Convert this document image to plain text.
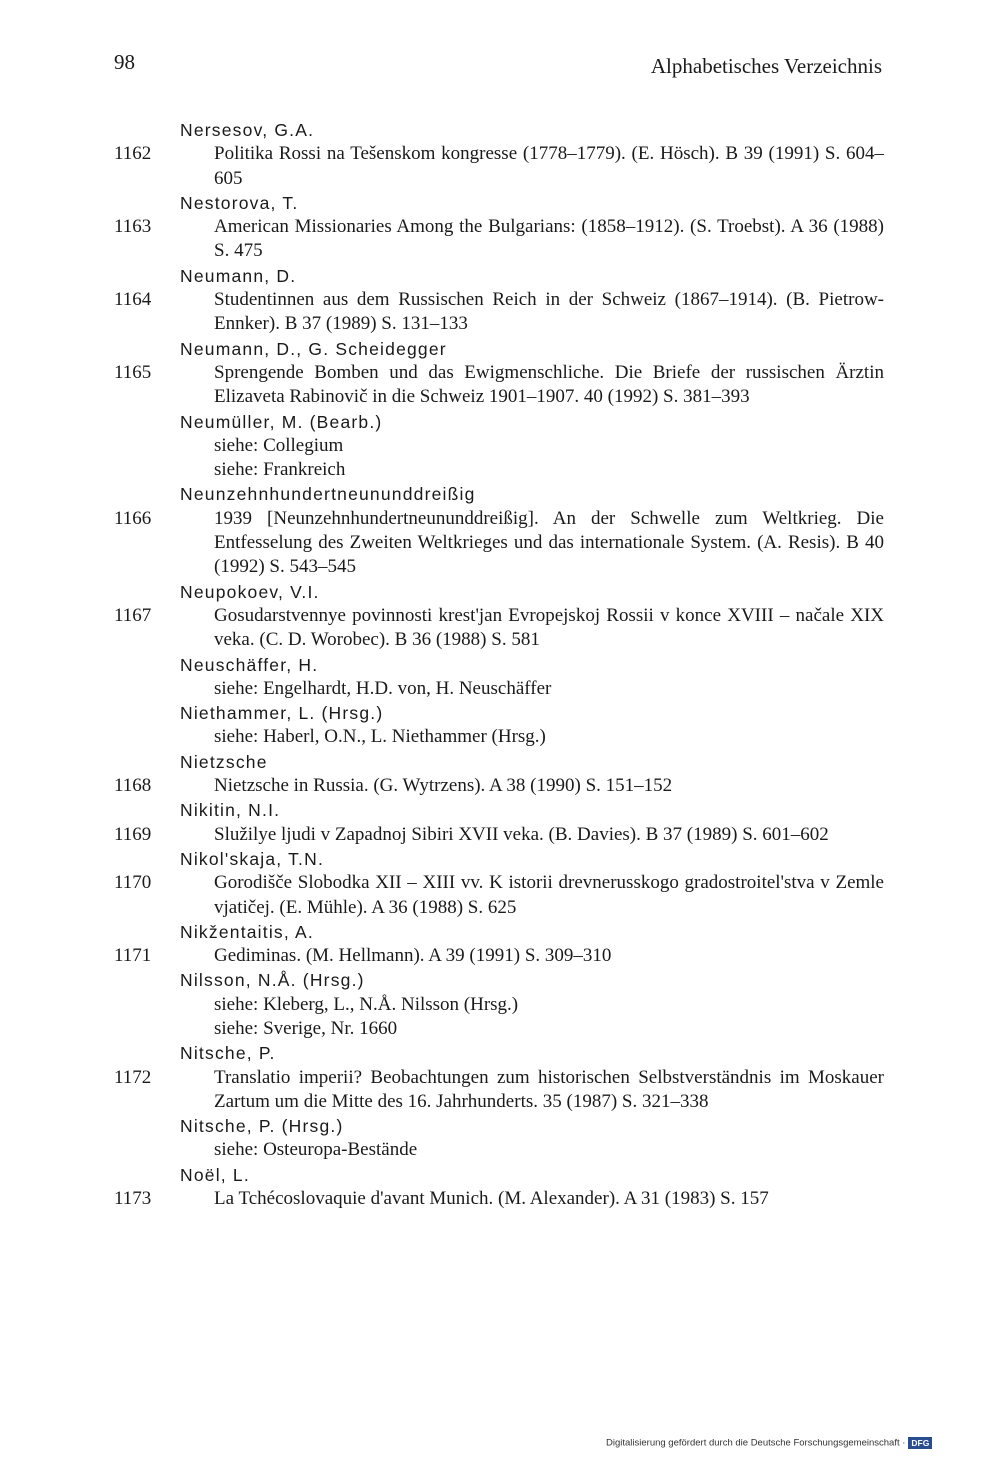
98	Alphabetisches Verzeichnis
Nersesov, G.A.
1162	Politika Rossi na Tešenskom kongresse (1778–1779). (E. Hösch). B 39 (1991) S. 604–605
Nestorova, T.
1163	American Missionaries Among the Bulgarians: (1858–1912). (S. Troebst). A 36 (1988) S. 475
Neumann, D.
1164	Studentinnen aus dem Russischen Reich in der Schweiz (1867–1914). (B. Pietrow-Ennker). B 37 (1989) S. 131–133
Neumann, D., G. Scheidegger
1165	Sprengende Bomben und das Ewigmenschliche. Die Briefe der russischen Ärztin Elizaveta Rabinovič in die Schweiz 1901–1907. 40 (1992) S. 381–393
Neumüller, M. (Bearb.)
siehe: Collegium
siehe: Frankreich
Neunzehnhundertneununddreißig
1166	1939 [Neunzehnhundertneununddreißig]. An der Schwelle zum Weltkrieg. Die Entfesselung des Zweiten Weltkrieges und das internationale System. (A. Resis). B 40 (1992) S. 543–545
Neupokoev, V.I.
1167	Gosudarstvennye povinnosti krest'jan Evropejskoj Rossii v konce XVIII – načale XIX veka. (C. D. Worobec). B 36 (1988) S. 581
Neuschäffer, H.
siehe: Engelhardt, H.D. von, H. Neuschäffer
Niethammer, L. (Hrsg.)
siehe: Haberl, O.N., L. Niethammer (Hrsg.)
Nietzsche
1168	Nietzsche in Russia. (G. Wytrzens). A 38 (1990) S. 151–152
Nikitin, N.I.
1169	Služilye ljudi v Zapadnoj Sibiri XVII veka. (B. Davies). B 37 (1989) S. 601–602
Nikol'skaja, T.N.
1170	Gorodišče Slobodka XII – XIII vv. K istorii drevnerusskogo gradostroitel'stva v Zemle vjatičej. (E. Mühle). A 36 (1988) S. 625
Nikžentaitis, A.
1171	Gediminas. (M. Hellmann). A 39 (1991) S. 309–310
Nilsson, N.Å. (Hrsg.)
siehe: Kleberg, L., N.Å. Nilsson (Hrsg.)
siehe: Sverige, Nr. 1660
Nitsche, P.
1172	Translatio imperii? Beobachtungen zum historischen Selbstverständnis im Moskauer Zartum um die Mitte des 16. Jahrhunderts. 35 (1987) S. 321–338
Nitsche, P. (Hrsg.)
siehe: Osteuropa-Bestände
Noël, L.
1173	La Tchécoslovaquie d'avant Munich. (M. Alexander). A 31 (1983) S. 157
Digitalisierung gefördert durch die Deutsche Forschungsgemeinschaft · DFG
